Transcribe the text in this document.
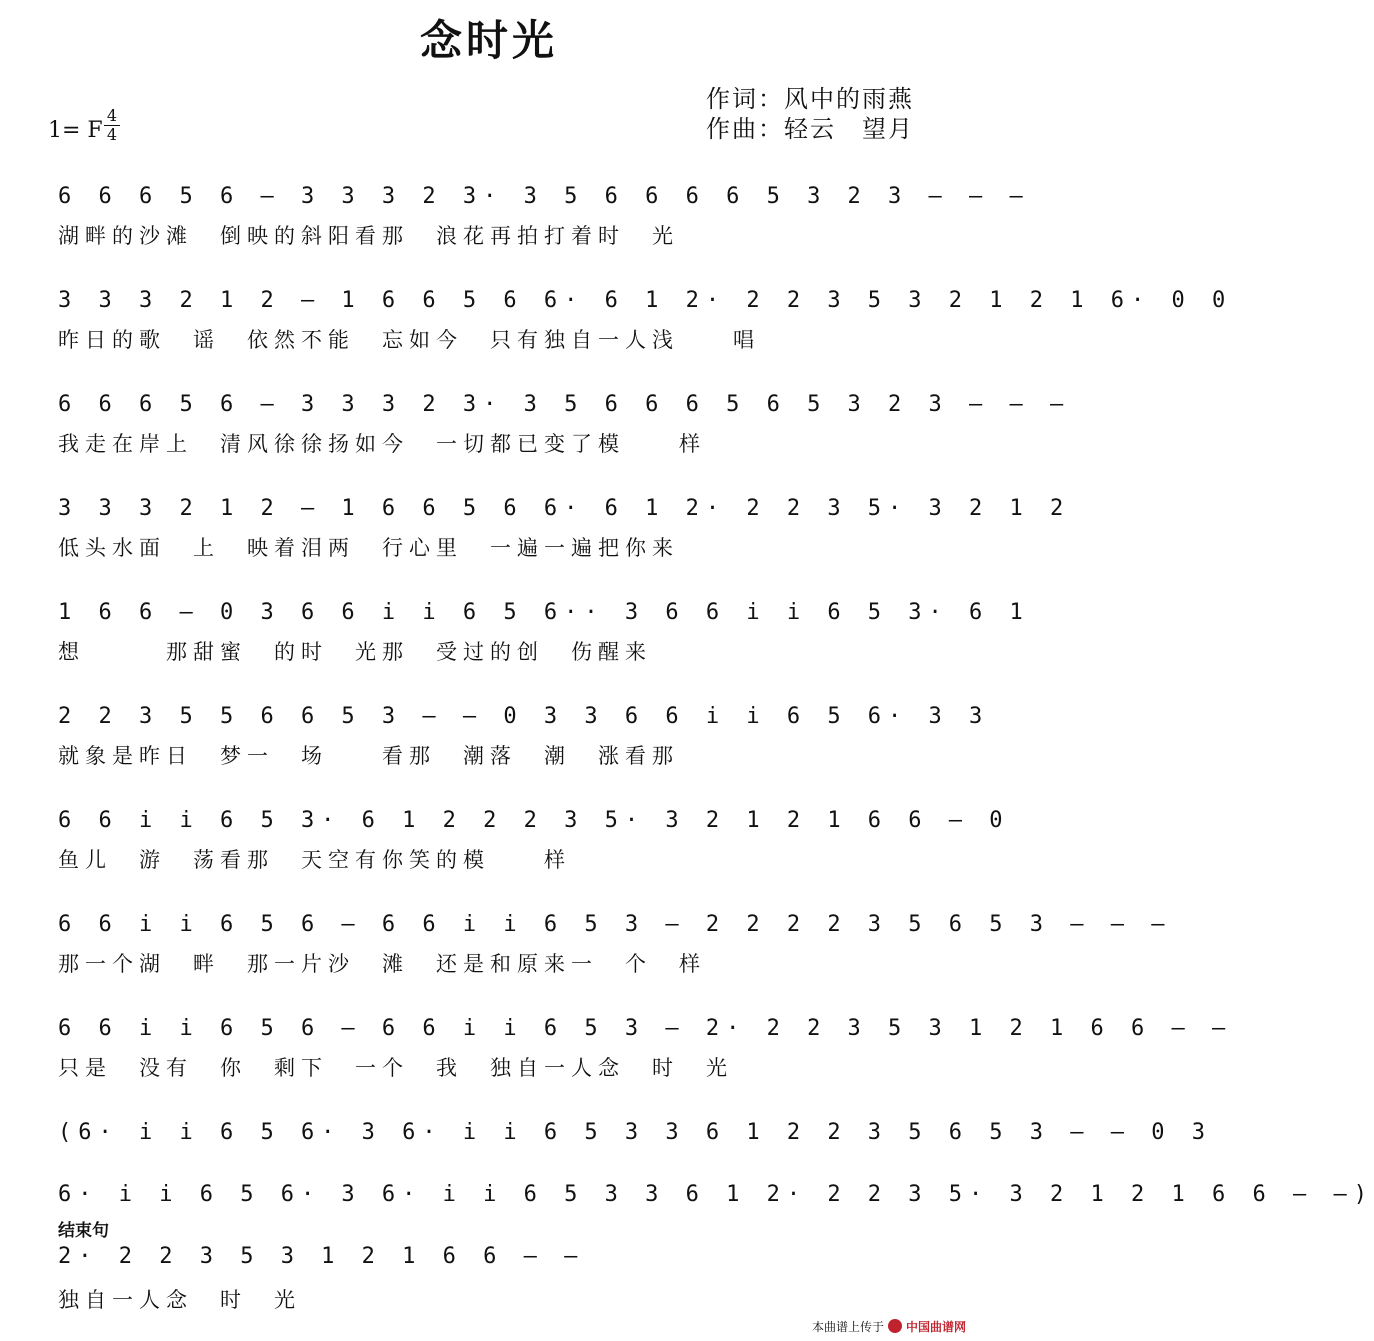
念时光
作词：风中的雨燕
作曲：轻云　望月
1= F
4
4
6 6 6 5 6 – 3 3 3 2 3· 3 5 6 6 6 6 5 3 2 3 – – –
湖畔的沙滩　倒映的斜阳看那　浪花再拍打着时　光
3 3 3 2 1 2 – 1 6 6 5 6 6· 6 1 2· 2 2 3 5 3 2 1 2 1 6· 0 0
昨日的歌　谣　依然不能　忘如今　只有独自一人浅　　唱
6 6 6 5 6 – 3 3 3 2 3· 3 5 6 6 6 5 6 5 3 2 3 – – –
我走在岸上　清风徐徐扬如今　一切都已变了模　　样
3 3 3 2 1 2 – 1 6 6 5 6 6· 6 1 2· 2 2 3 5· 3 2 1 2
低头水面　上　映着泪两　行心里　一遍一遍把你来
1 6 6 – 0 3 6 6 i i 6 5 6·· 3 6 6 i i 6 5 3· 6 1
想　　　那甜蜜　的时　光那　受过的创　伤醒来
2 2 3 5 5 6 6 5 3 – – 0 3 3 6 6 i i 6 5 6· 3 3
就象是昨日　梦一　场　　看那　潮落　潮　涨看那
6 6 i i 6 5 3· 6 1 2 2 2 3 5· 3 2 1 2 1 6 6 – 0
鱼儿　游　荡看那　天空有你笑的模　　样
6 6 i i 6 5 6 – 6 6 i i 6 5 3 – 2 2 2 2 3 5 6 5 3 – – –
那一个湖　畔　那一片沙　滩　还是和原来一　个　样
6 6 i i 6 5 6 – 6 6 i i 6 5 3 – 2· 2 2 3 5 3 1 2 1 6 6 – –
只是　没有　你　剩下　一个　我　独自一人念　时　光
(6· i i 6 5 6· 3 6· i i 6 5 3 3 6 1 2 2 3 5 6 5 3 – – 0 3
6· i i 6 5 6· 3 6· i i 6 5 3 3 6 1 2· 2 2 3 5· 3 2 1 2 1 6 6 – –)
结束句
2· 2 2 3 5 3 1 2 1 6 6 – –
独自一人念　时　光
本曲谱上传于 中国曲谱网
